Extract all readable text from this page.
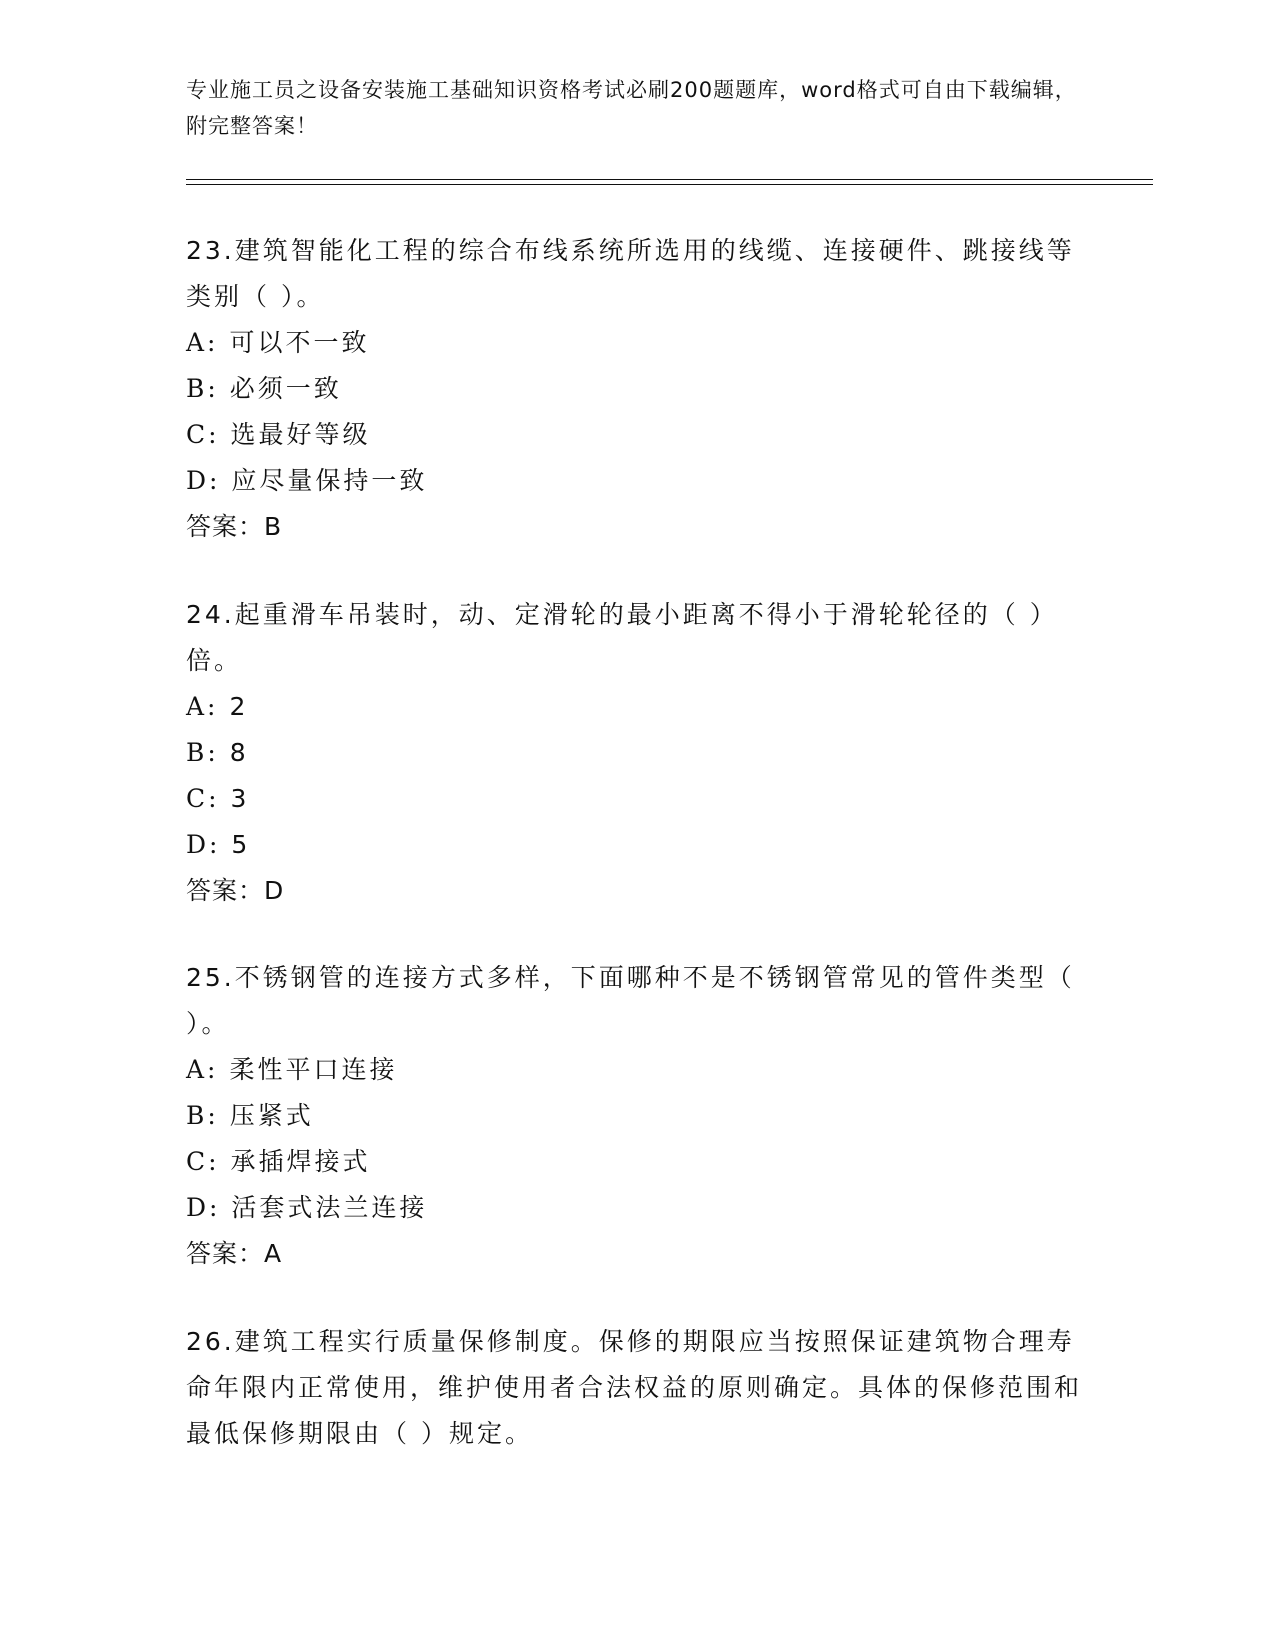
专业施工员之设备安装施工基础知识资格考试必刷200题题库，word格式可自由下载编辑，附完整答案！

23.建筑智能化工程的综合布线系统所选用的线缆、连接硬件、跳接线等类别（ ）。

A: 可以不一致

B: 必须一致

C: 选最好等级

D: 应尽量保持一致

答案：B

24.起重滑车吊装时，动、定滑轮的最小距离不得小于滑轮轮径的（ ）倍。

A: 2

B: 8

C: 3

D: 5

答案：D

25.不锈钢管的连接方式多样，下面哪种不是不锈钢管常见的管件类型（ ）。

A: 柔性平口连接

B: 压紧式

C: 承插焊接式

D: 活套式法兰连接

答案：A

26.建筑工程实行质量保修制度。保修的期限应当按照保证建筑物合理寿命年限内正常使用，维护使用者合法权益的原则确定。具体的保修范围和最低保修期限由（ ）规定。
